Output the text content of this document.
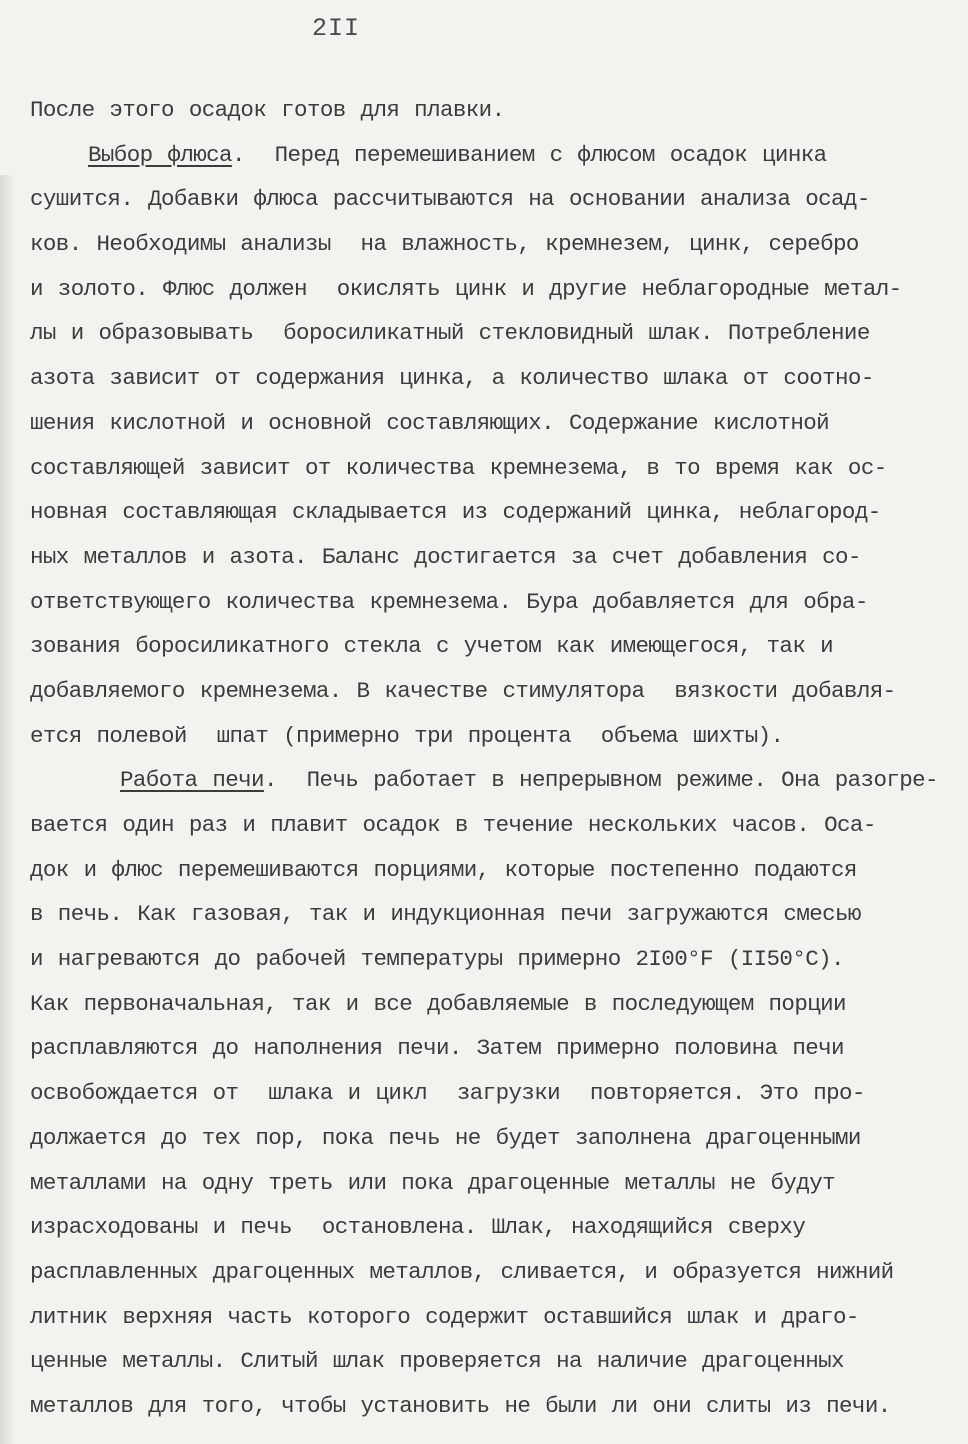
2II
После этого осадок готов для плавки.
Выбор флюса.  Перед перемешиванием с флюсом осадок цинка
сушится. Добавки флюса рассчитываются на основании анализа осад-
ков. Необходимы анализы  на влажность, кремнезем, цинк, серебро
и золото. Флюс должен  окислять цинк и другие неблагородные метал-
лы и образовывать  боросиликатный стекловидный шлак. Потребление
азота зависит от содержания цинка, а количество шлака от соотно-
шения кислотной и основной составляющих. Содержание кислотной
составляющей зависит от количества кремнезема, в то время как ос-
новная составляющая складывается из содержаний цинка, неблагород-
ных металлов и азота. Баланс достигается за счет добавления со-
ответствующего количества кремнезема. Бура добавляется для обра-
зования боросиликатного стекла с учетом как имеющегося, так и
добавляемого кремнезема. В качестве стимулятора  вязкости добавля-
ется полевой  шпат (примерно три процента  объема шихты).
Работа печи.  Печь работает в непрерывном режиме. Она разогре-
вается один раз и плавит осадок в течение нескольких часов. Оса-
док и флюс перемешиваются порциями, которые постепенно подаются
в печь. Как газовая, так и индукционная печи загружаются смесью
и нагреваются до рабочей температуры примерно 2I00°F (II50°C).
Как первоначальная, так и все добавляемые в последующем порции
расплавляются до наполнения печи. Затем примерно половина печи
освобождается от  шлака и цикл  загрузки  повторяется. Это про-
должается до тех пор, пока печь не будет заполнена драгоценными
металлами на одну треть или пока драгоценные металлы не будут
израсходованы и печь  остановлена. Шлак, находящийся сверху
расплавленных драгоценных металлов, сливается, и образуется нижний
литник верхняя часть которого содержит оставшийся шлак и драго-
ценные металлы. Слитый шлак проверяется на наличие драгоценных
металлов для того, чтобы установить не были ли они слиты из печи.
